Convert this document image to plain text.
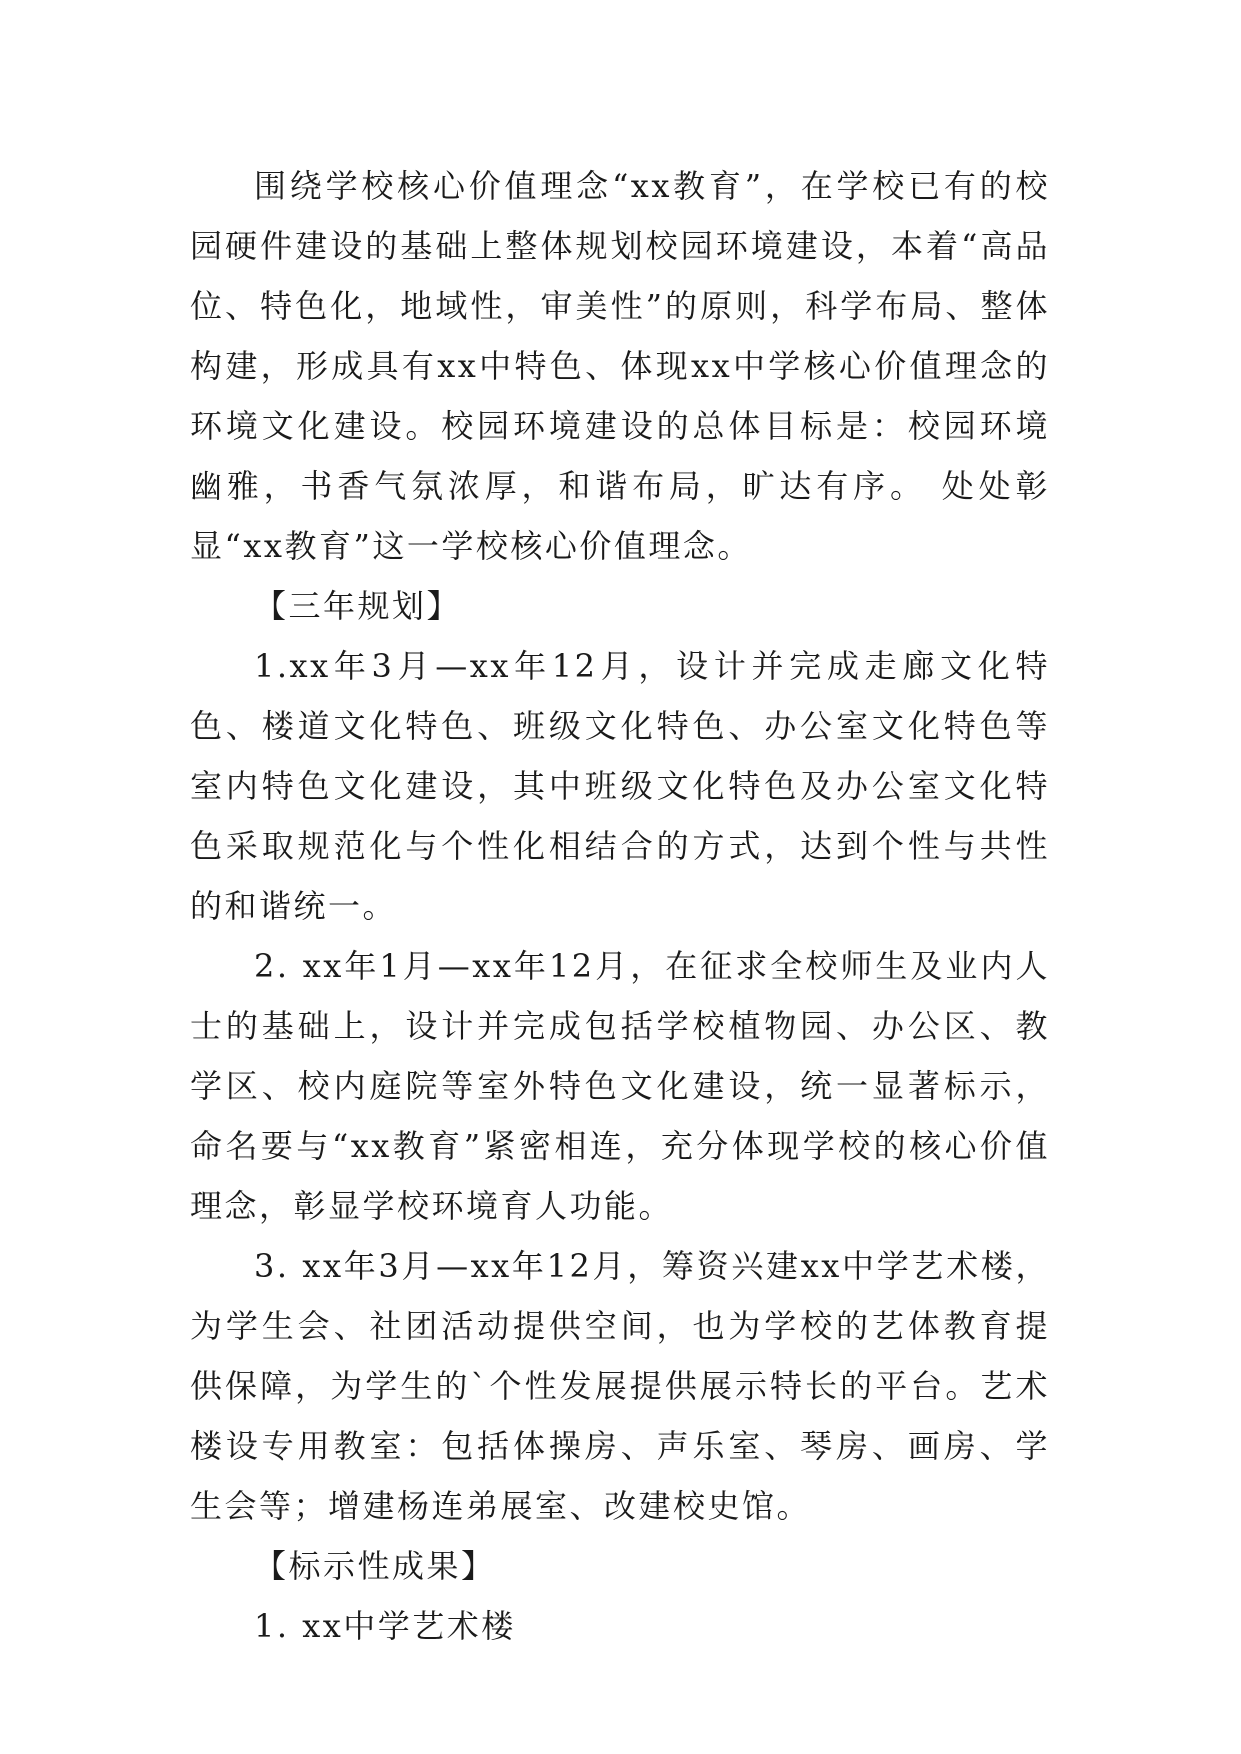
围绕学校核心价值理念“xx教育”，在学校已有的校园硬件建设的基础上整体规划校园环境建设，本着“高品位、特色化，地域性，审美性”的原则，科学布局、整体构建，形成具有xx中特色、体现xx中学核心价值理念的环境文化建设。校园环境建设的总体目标是：校园环境幽雅，书香气氛浓厚，和谐布局，旷达有序。 处处彰显“xx教育”这一学校核心价值理念。

【三年规划】

1.xx年3月—xx年12月，设计并完成走廊文化特色、楼道文化特色、班级文化特色、办公室文化特色等室内特色文化建设，其中班级文化特色及办公室文化特色采取规范化与个性化相结合的方式，达到个性与共性的和谐统一。

2. xx年1月—xx年12月，在征求全校师生及业内人士的基础上，设计并完成包括学校植物园、办公区、教学区、校内庭院等室外特色文化建设，统一显著标示，命名要与“xx教育”紧密相连，充分体现学校的核心价值理念，彰显学校环境育人功能。

3. xx年3月—xx年12月，筹资兴建xx中学艺术楼，为学生会、社团活动提供空间，也为学校的艺体教育提供保障，为学生的`个性发展提供展示特长的平台。艺术楼设专用教室：包括体操房、声乐室、琴房、画房、学生会等；增建杨连弟展室、改建校史馆。

【标示性成果】

1. xx中学艺术楼
